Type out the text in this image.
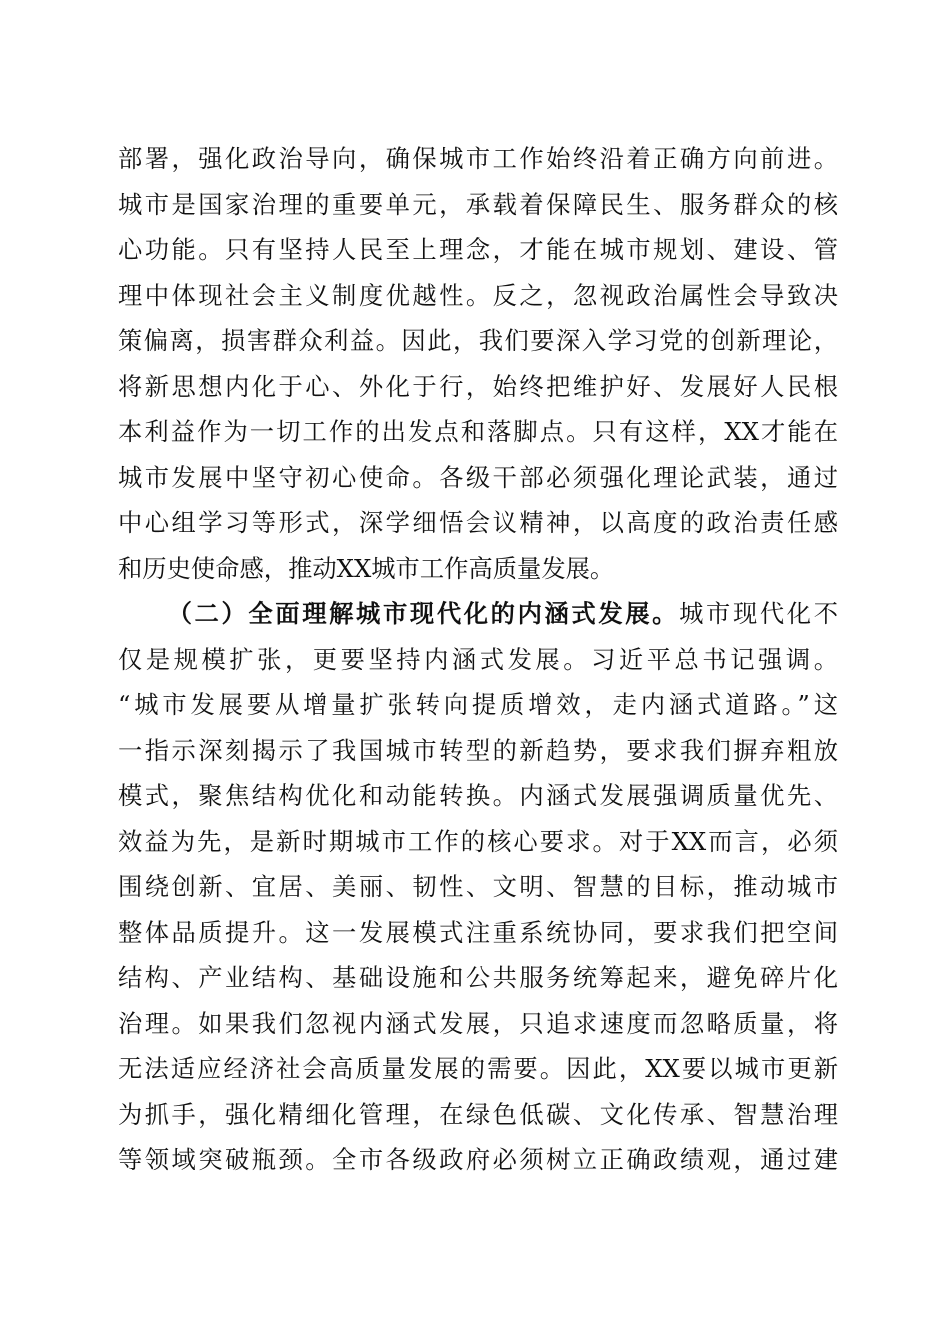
部署，强化政治导向，确保城市工作始终沿着正确方向前进。
城市是国家治理的重要单元，承载着保障民生、服务群众的核
心功能。只有坚持人民至上理念，才能在城市规划、建设、管
理中体现社会主义制度优越性。反之，忽视政治属性会导致决
策偏离，损害群众利益。因此，我们要深入学习党的创新理论，
将新思想内化于心、外化于行，始终把维护好、发展好人民根
本利益作为一切工作的出发点和落脚点。只有这样，XX才能在
城市发展中坚守初心使命。各级干部必须强化理论武装，通过
中心组学习等形式，深学细悟会议精神，以高度的政治责任感
和历史使命感，推动XX城市工作高质量发展。
（二）全面理解城市现代化的内涵式发展。城市现代化不
仅是规模扩张，更要坚持内涵式发展。习近平总书记强调。
“城市发展要从增量扩张转向提质增效，走内涵式道路。”这
一指示深刻揭示了我国城市转型的新趋势，要求我们摒弃粗放
模式，聚焦结构优化和动能转换。内涵式发展强调质量优先、
效益为先，是新时期城市工作的核心要求。对于XX而言，必须
围绕创新、宜居、美丽、韧性、文明、智慧的目标，推动城市
整体品质提升。这一发展模式注重系统协同，要求我们把空间
结构、产业结构、基础设施和公共服务统筹起来，避免碎片化
治理。如果我们忽视内涵式发展，只追求速度而忽略质量，将
无法适应经济社会高质量发展的需要。因此，XX要以城市更新
为抓手，强化精细化管理，在绿色低碳、文化传承、智慧治理
等领域突破瓶颈。全市各级政府必须树立正确政绩观，通过建
